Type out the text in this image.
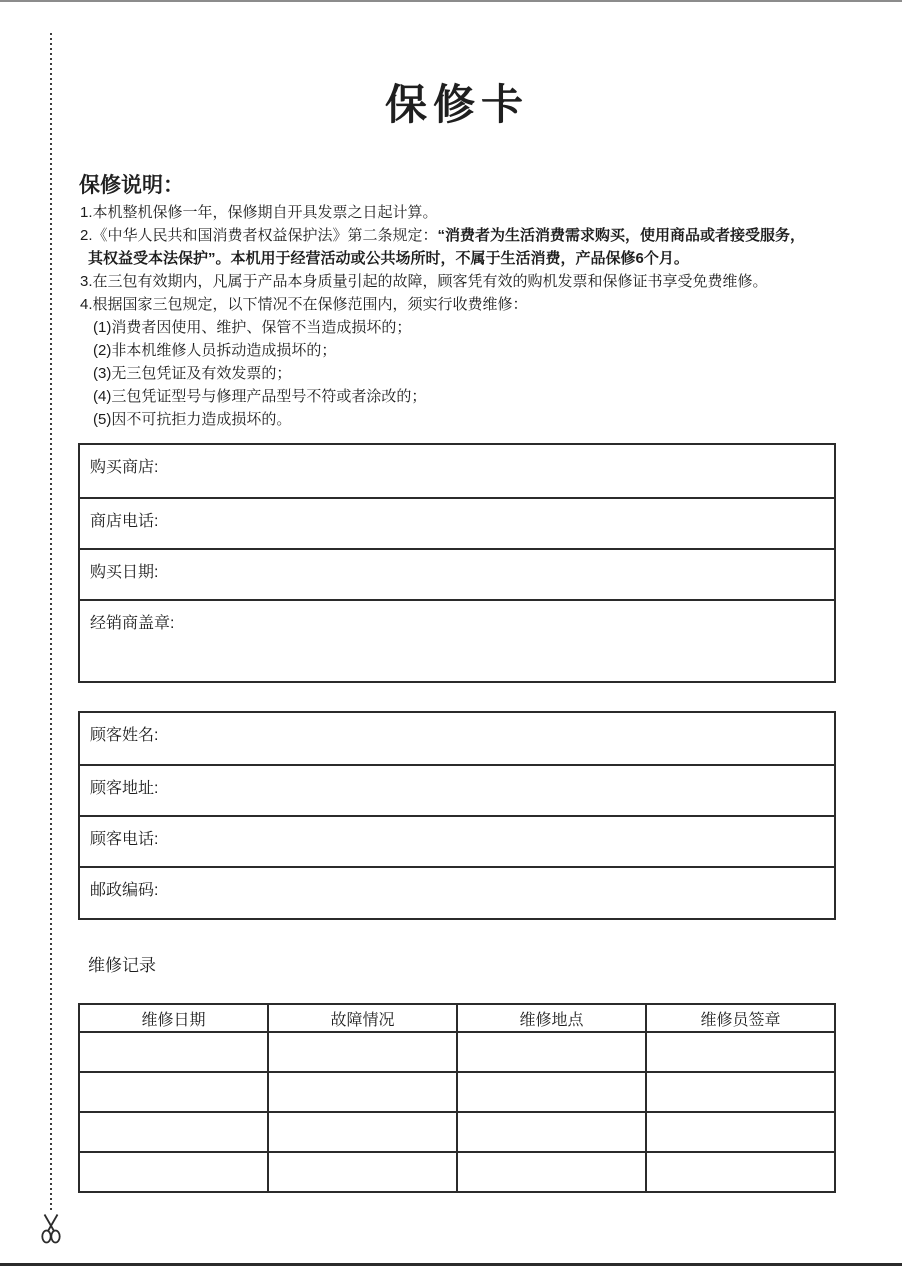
保修卡
保修说明：
1.本机整机保修一年，保修期自开具发票之日起计算。
2.《中华人民共和国消费者权益保护法》第二条规定：“消费者为生活消费需求购买，使用商品或者接受服务，
其权益受本法保护”。本机用于经营活动或公共场所时，不属于生活消费，产品保修6个月。
3.在三包有效期内，凡属于产品本身质量引起的故障，顾客凭有效的购机发票和保修证书享受免费维修。
4.根据国家三包规定，以下情况不在保修范围内，须实行收费维修：
(1)消费者因使用、维护、保管不当造成损坏的；
(2)非本机维修人员拆动造成损坏的；
(3)无三包凭证及有效发票的；
(4)三包凭证型号与修理产品型号不符或者涂改的；
(5)因不可抗拒力造成损坏的。
购买商店:
商店电话:
购买日期:
经销商盖章:
顾客姓名:
顾客地址:
顾客电话:
邮政编码:
维修记录
维修日期	故障情况	维修地点	维修员签章
